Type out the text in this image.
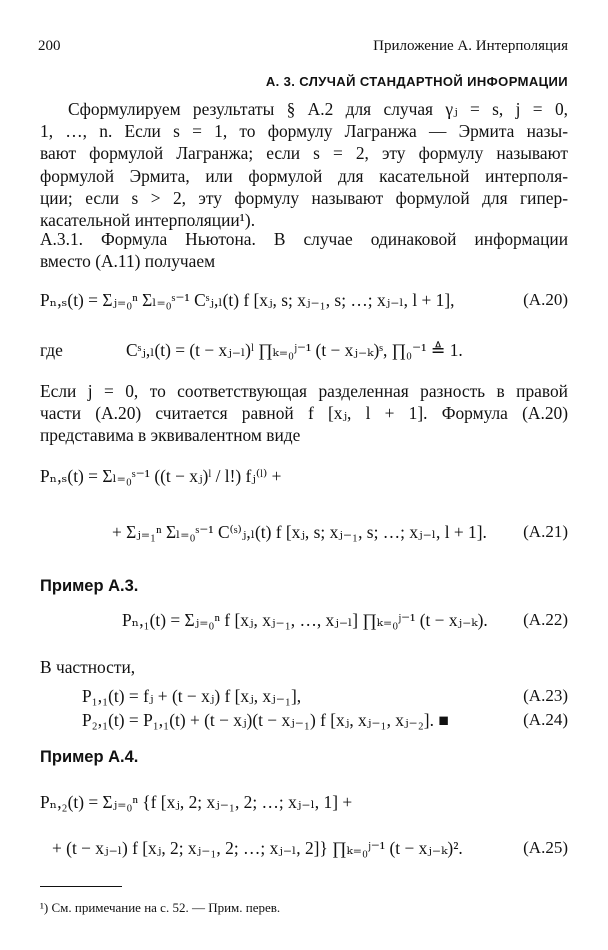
200	Приложение А. Интерполяция
А. 3. СЛУЧАЙ СТАНДАРТНОЙ ИНФОРМАЦИИ
Сформулируем результаты § А.2 для случая γⱼ = s, j = 0,
1, …, n. Если s = 1, то формулу Лагранжа — Эрмита назы-
вают формулой Лагранжа; если s = 2, эту формулу называют
формулой Эрмита, или формулой для касательной интерполя-
ции; если s > 2, эту формулу называют формулой для гипер-
касательной интерполяции¹).
А.3.1. Формула Ньютона. В случае одинаковой информации
вместо (А.11) получаем
Pₙ,ₛ(t) = Σⱼ₌₀ⁿ Σₗ₌₀ˢ⁻¹ Cˢⱼ,ₗ(t) f [xⱼ, s; xⱼ₋₁, s; …; xⱼ₋ₗ, l + 1],	(А.20)
где	Cˢⱼ,ₗ(t) = (t − xⱼ₋ₗ)ˡ ∏ₖ₌₀ʲ⁻¹ (t − xⱼ₋ₖ)ˢ, ∏₀⁻¹ ≜ 1.
Если j = 0, то соответствующая разделенная разность в правой
части (А.20) считается равной f [xⱼ, l + 1]. Формула (А.20)
представима в эквивалентном виде
Pₙ,ₛ(t) = Σₗ₌₀ˢ⁻¹ ((t − xⱼ)ˡ / l!) fⱼ⁽ˡ⁾ +
+ Σⱼ₌₁ⁿ Σₗ₌₀ˢ⁻¹ C⁽ˢ⁾ⱼ,ₗ(t) f [xⱼ, s; xⱼ₋₁, s; …; xⱼ₋ₗ, l + 1]. (А.21)
Пример А.3.
Pₙ,₁(t) = Σⱼ₌₀ⁿ f [xⱼ, xⱼ₋₁, …, xⱼ₋ₗ] ∏ₖ₌₀ʲ⁻¹ (t − xⱼ₋ₖ). (А.22)
В частности,
P₁,₁(t) = fⱼ + (t − xⱼ) f [xⱼ, xⱼ₋₁],	(А.23)
P₂,₁(t) = P₁,₁(t) + (t − xⱼ)(t − xⱼ₋₁) f [xⱼ, xⱼ₋₁, xⱼ₋₂]. ■	(А.24)
Пример А.4.
Pₙ,₂(t) = Σⱼ₌₀ⁿ {f [xⱼ, 2; xⱼ₋₁, 2; …; xⱼ₋ₗ, 1] +
+ (t − xⱼ₋ₗ) f [xⱼ, 2; xⱼ₋₁, 2; …; xⱼ₋ₗ, 2]} ∏ₖ₌₀ʲ⁻¹ (t − xⱼ₋ₖ)².	(А.25)
¹) См. примечание на с. 52. — Прим. перев.
